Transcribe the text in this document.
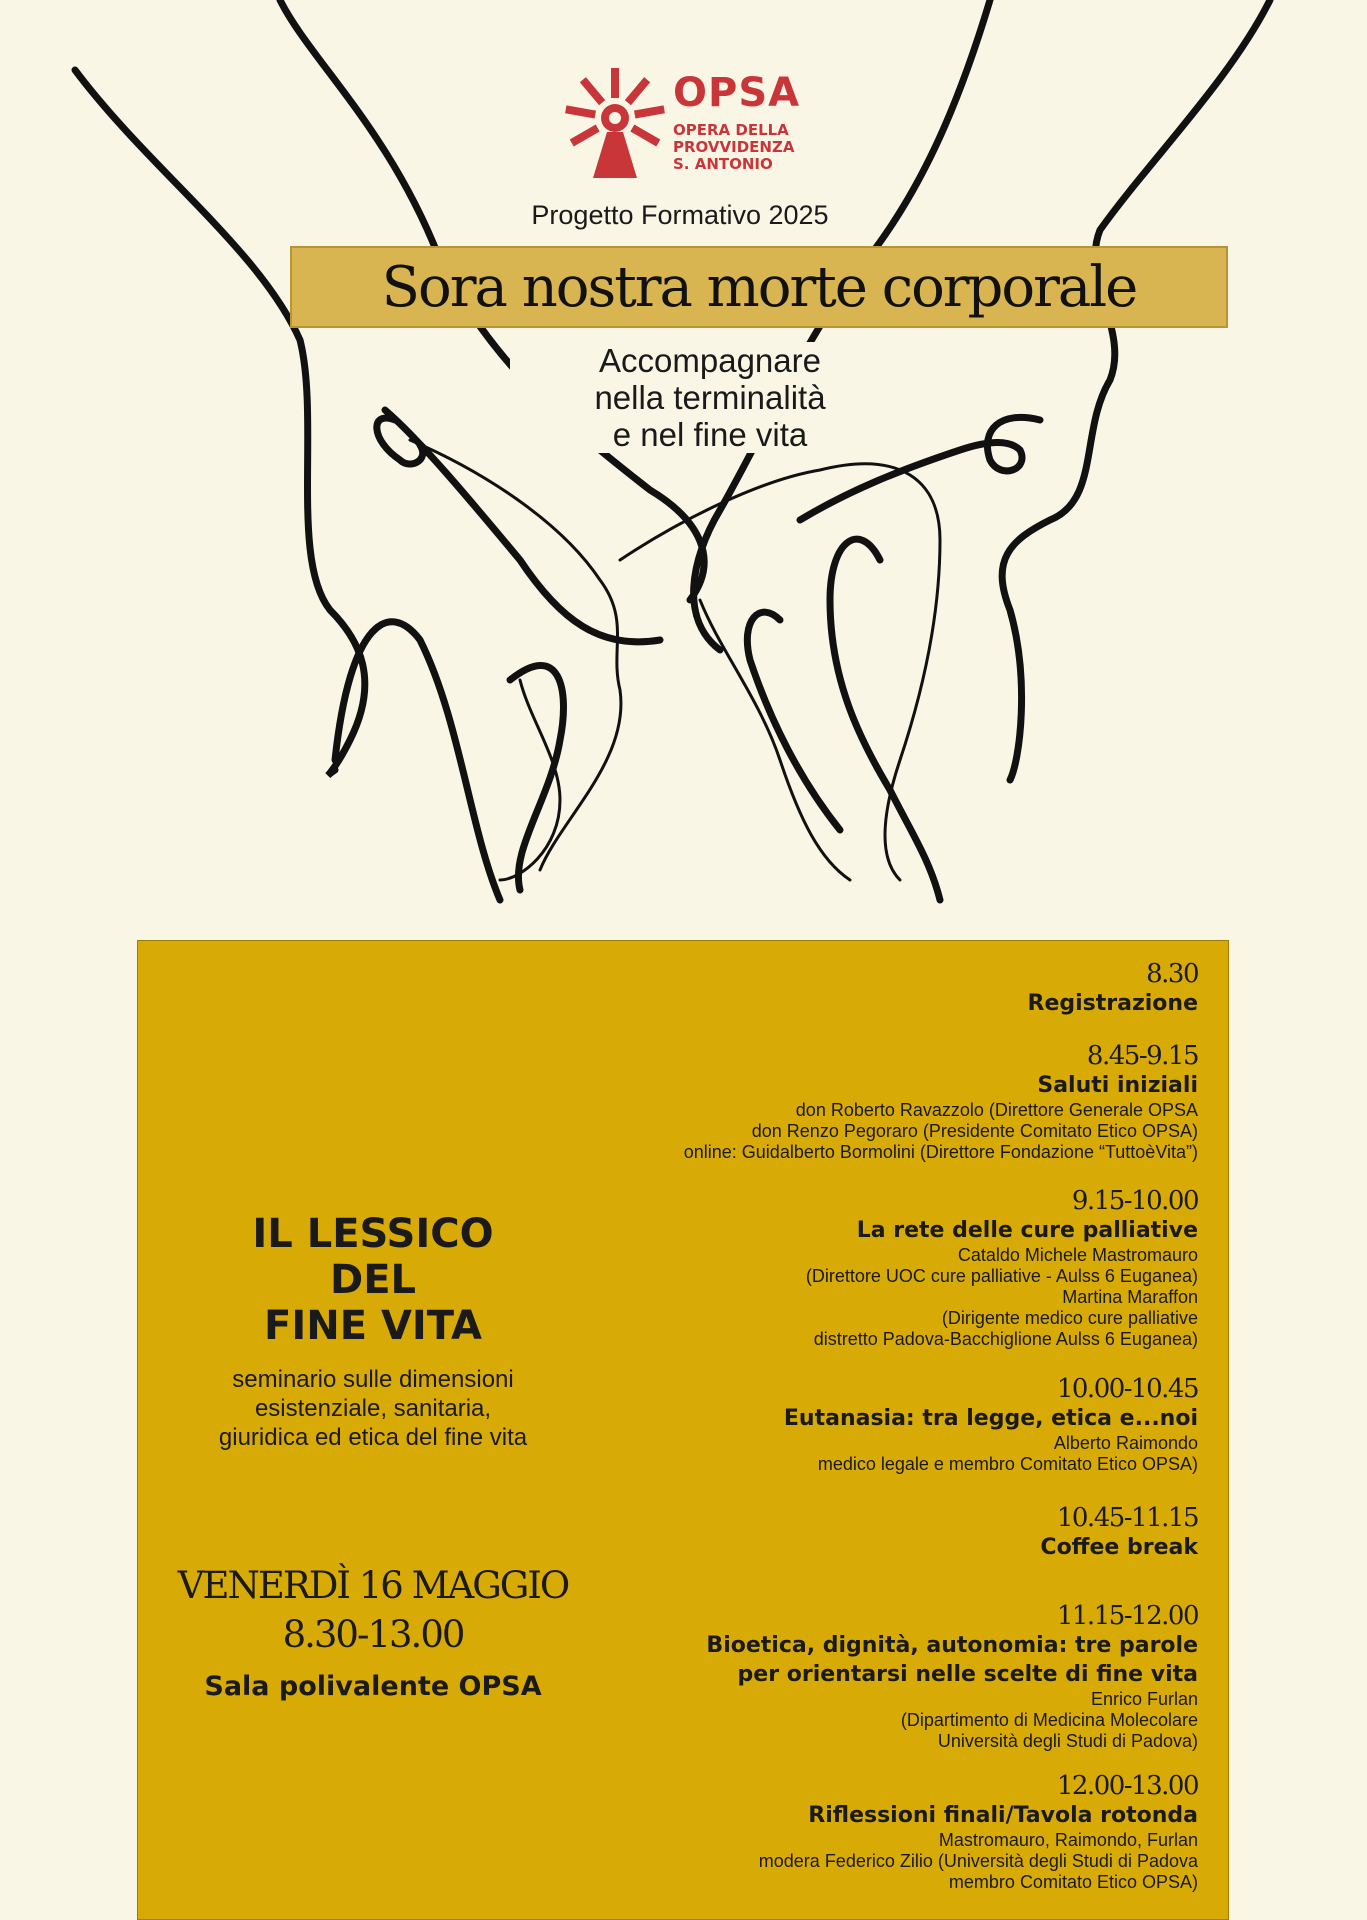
OPSA
OPERA DELLA
PROVVIDENZA
S. ANTONIO
Progetto Formativo 2025
Sora nostra morte corporale
Accompagnare
nella terminalità
e nel fine vita
IL LESSICO
DEL
FINE VITA
seminario sulle dimensioni
esistenziale, sanitaria,
giuridica ed etica del fine vita
VENERDÌ 16 MAGGIO
8.30-13.00
Sala polivalente OPSA
8.30
Registrazione
8.45-9.15
Saluti iniziali
don Roberto Ravazzolo (Direttore Generale OPSA
don Renzo Pegoraro (Presidente Comitato Etico OPSA)
online: Guidalberto Bormolini (Direttore Fondazione “TuttoèVita”)
9.15-10.00
La rete delle cure palliative
Cataldo Michele Mastromauro
(Direttore UOC cure palliative - Aulss 6 Euganea)
Martina Maraffon
(Dirigente medico cure palliative
distretto Padova-Bacchiglione Aulss 6 Euganea)
10.00-10.45
Eutanasia: tra legge, etica e...noi
Alberto Raimondo
medico legale e membro Comitato Etico OPSA)
10.45-11.15
Coffee break
11.15-12.00
Bioetica, dignità, autonomia: tre parole
per orientarsi nelle scelte di fine vita
Enrico Furlan
(Dipartimento di Medicina Molecolare
Università degli Studi di Padova)
12.00-13.00
Riflessioni finali/Tavola rotonda
Mastromauro, Raimondo, Furlan
modera Federico Zilio (Università degli Studi di Padova
membro Comitato Etico OPSA)
